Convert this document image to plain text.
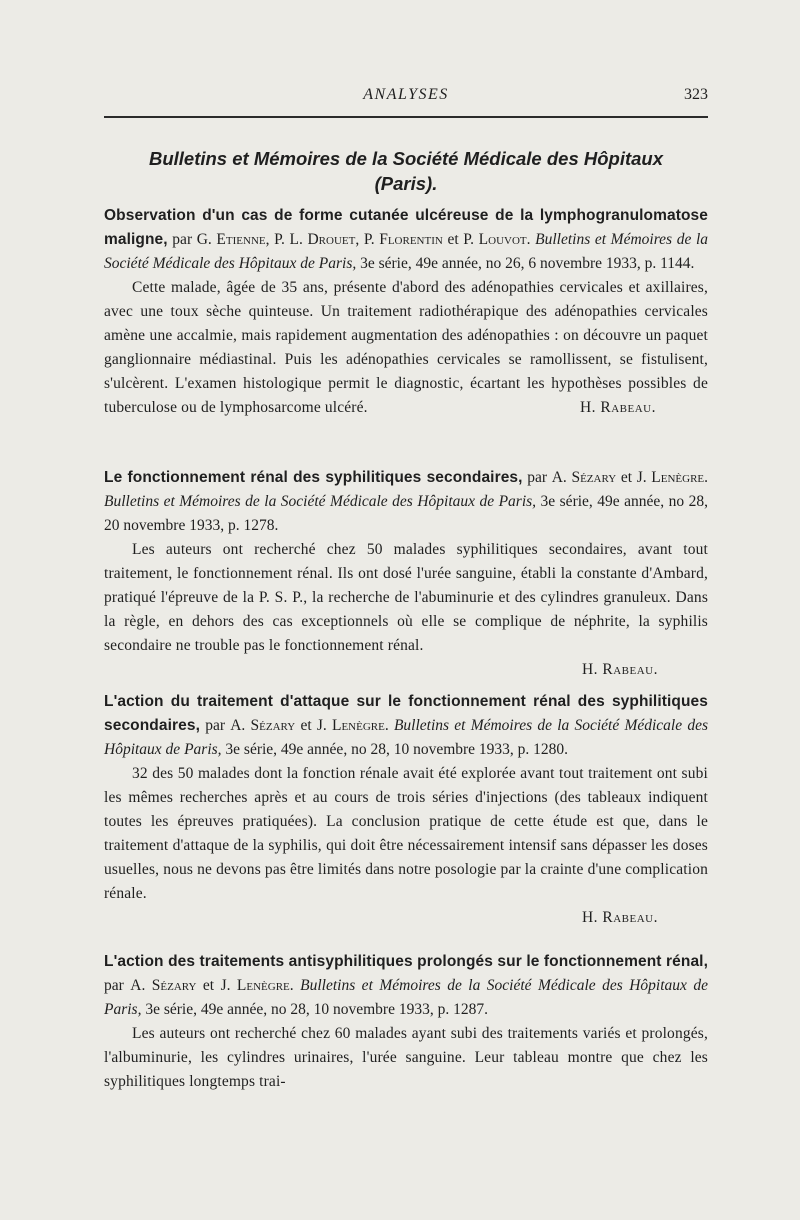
ANALYSES	323
Bulletins et Mémoires de la Société Médicale des Hôpitaux
(Paris).

Observation d'un cas de forme cutanée ulcéreuse de la lymphogranulomatose maligne, par G. Etienne, P. L. Drouet, P. Florentin et P. Louvot. Bulletins et Mémoires de la Société Médicale des Hôpitaux de Paris, 3e série, 49e année, no 26, 6 novembre 1933, p. 1144.

Cette malade, âgée de 35 ans, présente d'abord des adénopathies cervicales et axillaires, avec une toux sèche quinteuse. Un traitement radiothérapique des adénopathies cervicales amène une accalmie, mais rapidement augmentation des adénopathies : on découvre un paquet ganglionnaire médiastinal. Puis les adénopathies cervicales se ramollissent, se fistulisent, s'ulcèrent. L'examen histologique permit le diagnostic, écartant les hypothèses possibles de tuberculose ou de lymphosarcome ulcéré.	H. Rabeau.

Le fonctionnement rénal des syphilitiques secondaires, par A. Sézary et J. Lenègre. Bulletins et Mémoires de la Société Médicale des Hôpitaux de Paris, 3e série, 49e année, no 28, 20 novembre 1933, p. 1278.

Les auteurs ont recherché chez 50 malades syphilitiques secondaires, avant tout traitement, le fonctionnement rénal. Ils ont dosé l'urée sanguine, établi la constante d'Ambard, pratiqué l'épreuve de la P. S. P., la recherche de l'abuminurie et des cylindres granuleux. Dans la règle, en dehors des cas exceptionnels où elle se complique de néphrite, la syphilis secondaire ne trouble pas le fonctionnement rénal.

H. Rabeau.

L'action du traitement d'attaque sur le fonctionnement rénal des syphilitiques secondaires, par A. Sézary et J. Lenègre. Bulletins et Mémoires de la Société Médicale des Hôpitaux de Paris, 3e série, 49e année, no 28, 10 novembre 1933, p. 1280.

32 des 50 malades dont la fonction rénale avait été explorée avant tout traitement ont subi les mêmes recherches après et au cours de trois séries d'injections (des tableaux indiquent toutes les épreuves pratiquées). La conclusion pratique de cette étude est que, dans le traitement d'attaque de la syphilis, qui doit être nécessairement intensif sans dépasser les doses usuelles, nous ne devons pas être limités dans notre posologie par la crainte d'une complication rénale.

H. Rabeau.

L'action des traitements antisyphilitiques prolongés sur le fonctionnement rénal, par A. Sézary et J. Lenègre. Bulletins et Mémoires de la Société Médicale des Hôpitaux de Paris, 3e série, 49e année, no 28, 10 novembre 1933, p. 1287.

Les auteurs ont recherché chez 60 malades ayant subi des traitements variés et prolongés, l'albuminurie, les cylindres urinaires, l'urée sanguine. Leur tableau montre que chez les syphilitiques longtemps trai-
